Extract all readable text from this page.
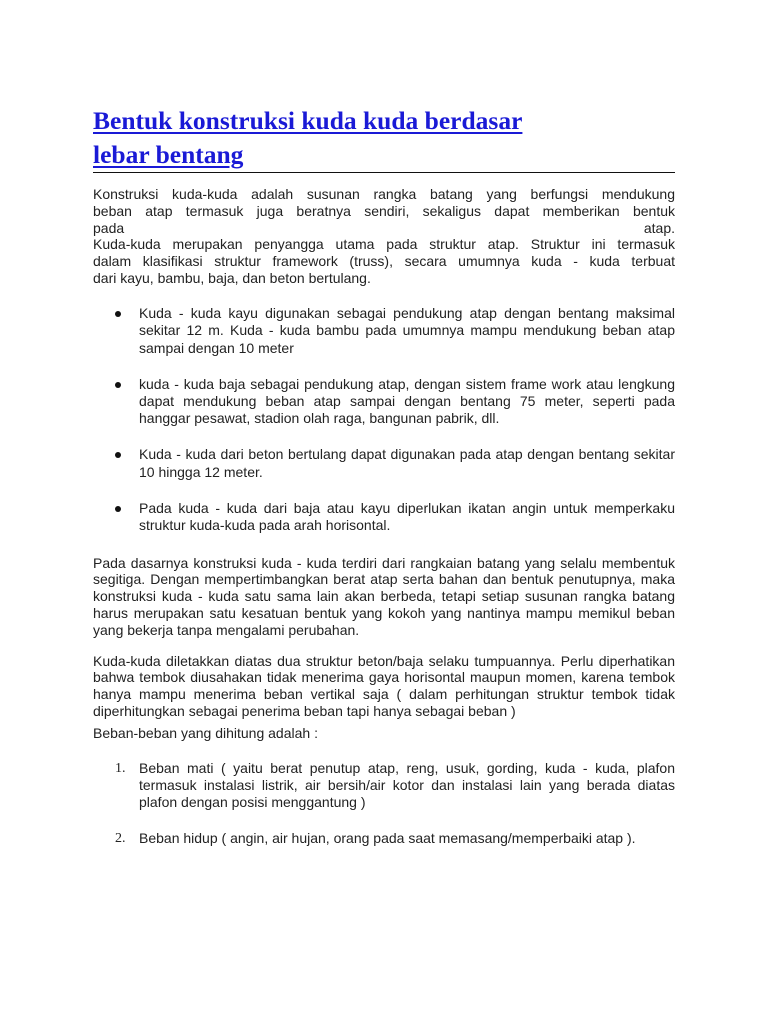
Bentuk konstruksi kuda kuda berdasar
lebar bentang

Konstruksi kuda-kuda adalah susunan rangka batang yang berfungsi mendukung
beban atap termasuk juga beratnya sendiri, sekaligus dapat memberikan bentuk
pada	atap.
Kuda-kuda merupakan penyangga utama pada struktur atap. Struktur ini termasuk
dalam klasifikasi struktur framework (truss), secara umumnya kuda - kuda terbuat
dari kayu, bambu, baja, dan beton bertulang.

Kuda - kuda kayu digunakan sebagai pendukung atap dengan bentang maksimal sekitar 12 m. Kuda - kuda bambu pada umumnya mampu mendukung beban atap sampai dengan 10 meter
kuda - kuda baja sebagai pendukung atap, dengan sistem frame work atau lengkung dapat mendukung beban atap sampai dengan bentang 75 meter, seperti pada hanggar pesawat, stadion olah raga, bangunan pabrik, dll.
Kuda - kuda dari beton bertulang dapat digunakan pada atap dengan bentang sekitar 10 hingga 12 meter.
Pada kuda - kuda dari baja atau kayu diperlukan ikatan angin untuk memperkaku struktur kuda-kuda pada arah horisontal.

Pada dasarnya konstruksi kuda - kuda terdiri dari rangkaian batang yang selalu membentuk segitiga. Dengan mempertimbangkan berat atap serta bahan dan bentuk penutupnya, maka konstruksi kuda - kuda satu sama lain akan berbeda, tetapi setiap susunan rangka batang harus merupakan satu kesatuan bentuk yang kokoh yang nantinya mampu memikul beban yang bekerja tanpa mengalami perubahan.

Kuda-kuda diletakkan diatas dua struktur beton/baja selaku tumpuannya. Perlu diperhatikan bahwa tembok diusahakan tidak menerima gaya horisontal maupun momen, karena tembok hanya mampu menerima beban vertikal saja ( dalam perhitungan struktur tembok tidak diperhitungkan sebagai penerima beban tapi hanya sebagai beban )

Beban-beban yang dihitung adalah :

1. Beban mati ( yaitu berat penutup atap, reng, usuk, gording, kuda - kuda, plafon termasuk instalasi listrik, air bersih/air kotor dan instalasi lain yang berada diatas plafon dengan posisi menggantung )
2. Beban hidup ( angin, air hujan, orang pada saat memasang/memperbaiki atap ).
